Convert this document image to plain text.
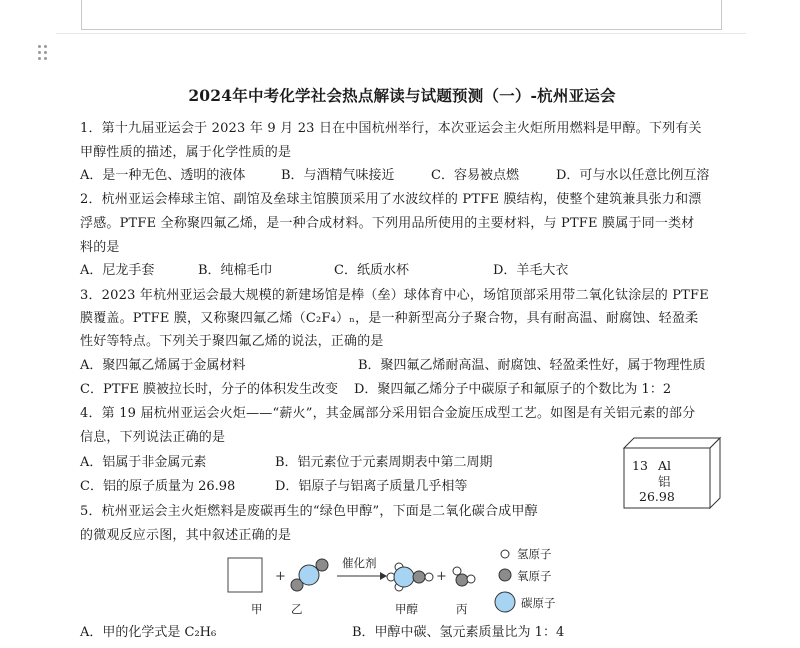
2024年中考化学社会热点解读与试题预测（一）-杭州亚运会
1．第十九届亚运会于 2023 年 9 月 23 日在中国杭州举行，本次亚运会主火炬所用燃料是甲醇。下列有关
甲醇性质的描述，属于化学性质的是
A．是一种无色、透明的液体	B．与酒精气味接近	C．容易被点燃	D．可与水以任意比例互溶
2．杭州亚运会棒球主馆、副馆及垒球主馆膜顶采用了水波纹样的 PTFE 膜结构，使整个建筑兼具张力和漂
浮感。PTFE 全称聚四氟乙烯，是一种合成材料。下列用品所使用的主要材料，与 PTFE 膜属于同一类材
料的是
A．尼龙手套	B．纯棉毛巾	C．纸质水杯	D．羊毛大衣
3．2023 年杭州亚运会最大规模的新建场馆是棒（垒）球体育中心，场馆顶部采用带二氧化钛涂层的 PTFE
膜覆盖。PTFE 膜，又称聚四氟乙烯（C₂F₄）ₙ，是一种新型高分子聚合物，具有耐高温、耐腐蚀、轻盈柔
性好等特点。下列关于聚四氟乙烯的说法，正确的是
A．聚四氟乙烯属于金属材料	B．聚四氟乙烯耐高温、耐腐蚀、轻盈柔性好，属于物理性质
C．PTFE 膜被拉长时，分子的体积发生改变 D．聚四氟乙烯分子中碳原子和氟原子的个数比为 1：2
4．第 19 届杭州亚运会火炬——“薪火”，其金属部分采用铝合金旋压成型工艺。如图是有关铝元素的部分
信息，下列说法正确的是
A．铝属于非金属元素	B．铝元素位于元素周期表中第二周期
C．铝的原子质量为 26.98	D．铝原子与铝离子质量几乎相等
13 Al
铝
26.98
5．杭州亚运会主火炬燃料是废碳再生的“绿色甲醇”，下面是二氧化碳合成甲醇
的微观反应示图，其中叙述正确的是
+	+
甲 乙
催化剂
甲醇	丙
氢原子
氧原子
碳原子
A．甲的化学式是 C₂H₆	B．甲醇中碳、氢元素质量比为 1：4
